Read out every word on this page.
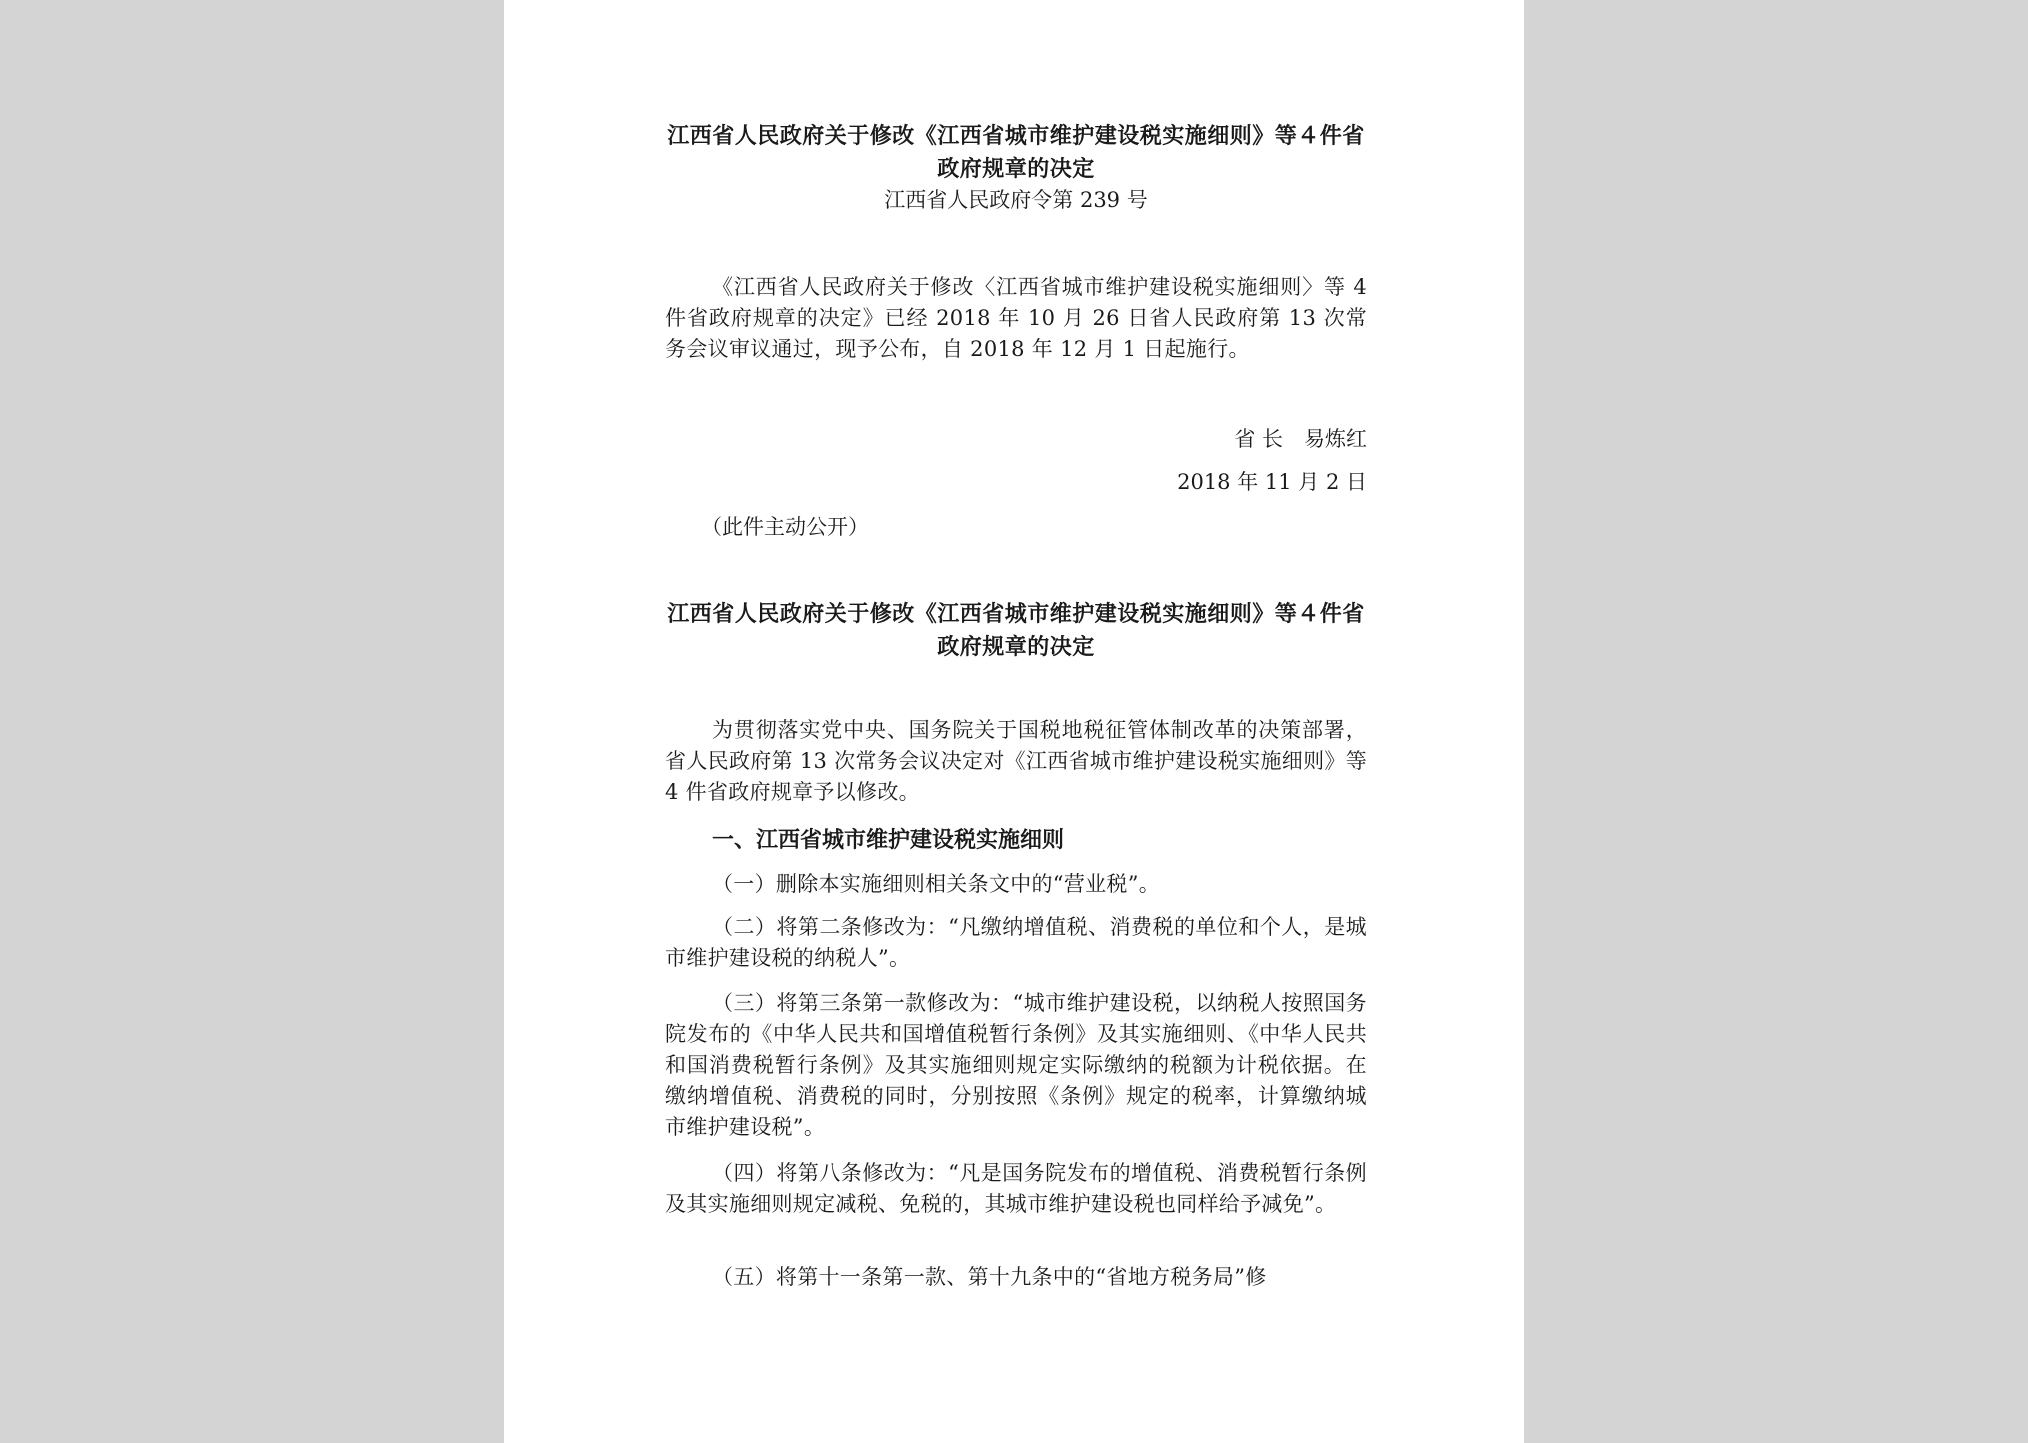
江西省人民政府关于修改《江西省城市维护建设税实施细则》等４件省政府规章的决定
江西省人民政府令第 239 号

《江西省人民政府关于修改〈江西省城市维护建设税实施细则〉等 4 件省政府规章的决定》已经 2018 年 10 月 26 日省人民政府第 13 次常务会议审议通过，现予公布，自 2018 年 12 月 1 日起施行。

省 长　易炼红
2018 年 11 月 2 日
（此件主动公开）
江西省人民政府关于修改《江西省城市维护建设税实施细则》等４件省政府规章的决定

为贯彻落实党中央、国务院关于国税地税征管体制改革的决策部署，省人民政府第 13 次常务会议决定对《江西省城市维护建设税实施细则》等 4 件省政府规章予以修改。

一、江西省城市维护建设税实施细则

（一）删除本实施细则相关条文中的“营业税”。

（二）将第二条修改为：“凡缴纳增值税、消费税的单位和个人，是城市维护建设税的纳税人”。

（三）将第三条第一款修改为：“城市维护建设税，以纳税人按照国务院发布的《中华人民共和国增值税暂行条例》及其实施细则、《中华人民共和国消费税暂行条例》及其实施细则规定实际缴纳的税额为计税依据。在缴纳增值税、消费税的同时，分别按照《条例》规定的税率，计算缴纳城市维护建设税”。

（四）将第八条修改为：“凡是国务院发布的增值税、消费税暂行条例及其实施细则规定减税、免税的，其城市维护建设税也同样给予减免”。

（五）将第十一条第一款、第十九条中的“省地方税务局”修
